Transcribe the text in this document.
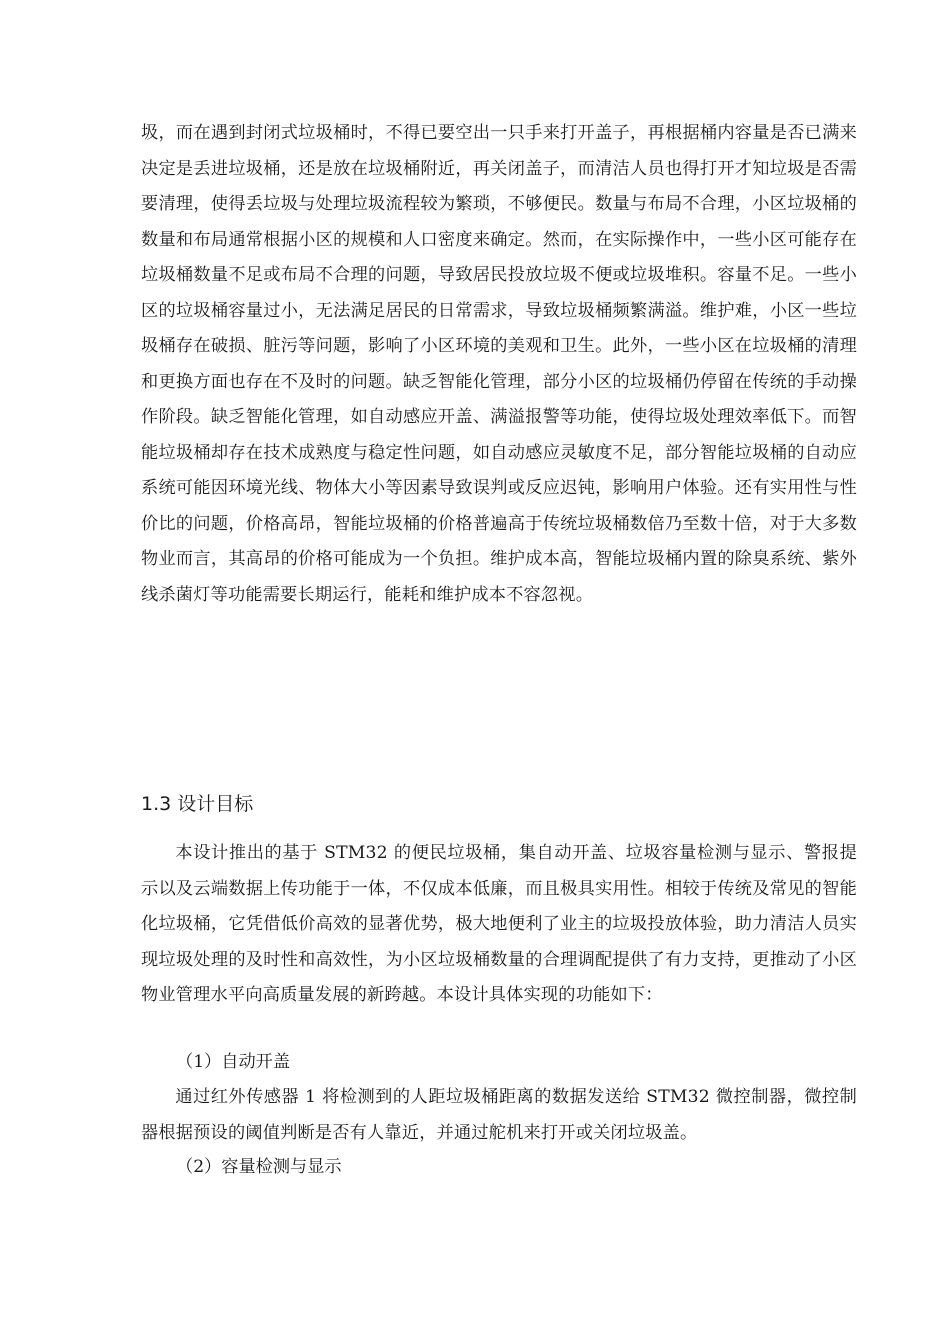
圾，而在遇到封闭式垃圾桶时，不得已要空出一只手来打开盖子，再根据桶内容量是否已满来决定是丢进垃圾桶，还是放在垃圾桶附近，再关闭盖子，而清洁人员也得打开才知垃圾是否需要清理，使得丢垃圾与处理垃圾流程较为繁琐，不够便民。数量与布局不合理，小区垃圾桶的数量和布局通常根据小区的规模和人口密度来确定。然而，在实际操作中，一些小区可能存在垃圾桶数量不足或布局不合理的问题，导致居民投放垃圾不便或垃圾堆积。容量不足。一些小区的垃圾桶容量过小，无法满足居民的日常需求，导致垃圾桶频繁满溢。维护难，小区一些垃圾桶存在破损、脏污等问题，影响了小区环境的美观和卫生。此外，一些小区在垃圾桶的清理和更换方面也存在不及时的问题。缺乏智能化管理，部分小区的垃圾桶仍停留在传统的手动操作阶段。缺乏智能化管理，如自动感应开盖、满溢报警等功能，使得垃圾处理效率低下。而智能垃圾桶却存在技术成熟度与稳定性问题，如自动感应灵敏度不足，部分智能垃圾桶的自动应系统可能因环境光线、物体大小等因素导致误判或反应迟钝，影响用户体验。还有实用性与性价比的问题，价格高昂，智能垃圾桶的价格普遍高于传统垃圾桶数倍乃至数十倍，对于大多数物业而言，其高昂的价格可能成为一个负担。维护成本高，智能垃圾桶内置的除臭系统、紫外线杀菌灯等功能需要长期运行，能耗和维护成本不容忽视。

1.3 设计目标

本设计推出的基于 STM32 的便民垃圾桶，集自动开盖、垃圾容量检测与显示、警报提示以及云端数据上传功能于一体，不仅成本低廉，而且极具实用性。相较于传统及常见的智能化垃圾桶，它凭借低价高效的显著优势，极大地便利了业主的垃圾投放体验，助力清洁人员实现垃圾处理的及时性和高效性，为小区垃圾桶数量的合理调配提供了有力支持，更推动了小区物业管理水平向高质量发展的新跨越。本设计具体实现的功能如下：

（1）自动开盖

通过红外传感器 1 将检测到的人距垃圾桶距离的数据发送给 STM32 微控制器，微控制器根据预设的阈值判断是否有人靠近，并通过舵机来打开或关闭垃圾盖。

（2）容量检测与显示
